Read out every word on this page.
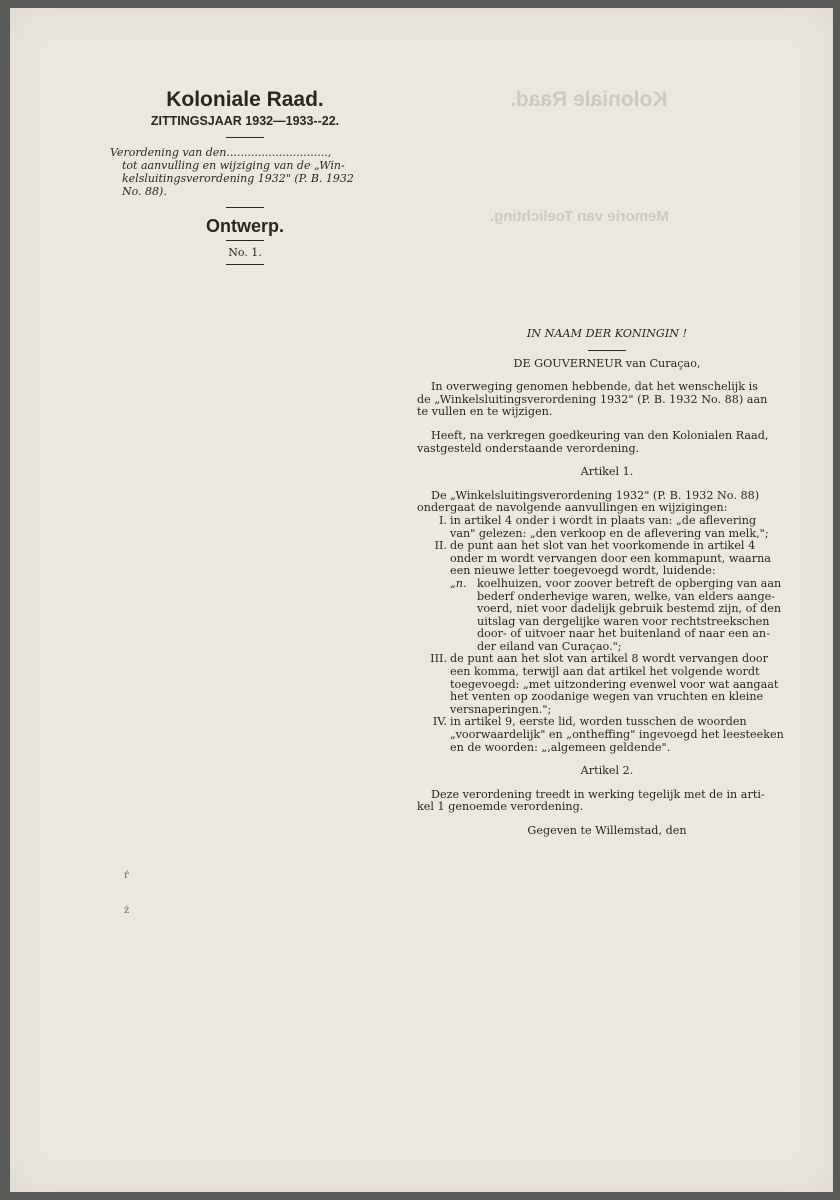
Koloniale Raad.
Memorie van Toelichting.
Koloniale Raad.
ZITTINGSJAAR 1932—1933--22.
Verordening van den.............................,
tot aanvulling en wijziging van de „Win-
kelsluitingsverordening 1932" (P. B. 1932
No. 88).
Ontwerp.
No. 1.

IN NAAM DER KONINGIN !

DE GOUVERNEUR van Curaçao,

In overweging genomen hebbende, dat het wenschelijk is
de „Winkelsluitingsverordening 1932" (P. B. 1932 No. 88) aan
te vullen en te wijzigen.

Heeft, na verkregen goedkeuring van den Kolonialen Raad,
vastgesteld onderstaande verordening.

Artikel 1.

De „Winkelsluitingsverordening 1932" (P. B. 1932 No. 88)
ondergaat de navolgende aanvullingen en wijzigingen:

I. in artikel 4 onder i wordt in plaats van: „de aflevering
van" gelezen: „den verkoop en de aflevering van melk,";
II. de punt aan het slot van het voorkomende in artikel 4
onder m wordt vervangen door een kommapunt, waarna
een nieuwe letter toegevoegd wordt, luidende:
„n. koelhuizen, voor zoover betreft de opberging van aan
bederf onderhevige waren, welke, van elders aange-
voerd, niet voor dadelijk gebruik bestemd zijn, of den
uitslag van dergelijke waren voor rechtstreekschen
door- of uitvoer naar het buitenland of naar een an-
der eiland van Curaçao.";
III. de punt aan het slot van artikel 8 wordt vervangen door
een komma, terwijl aan dat artikel het volgende wordt
toegevoegd: „met uitzondering evenwel voor wat aangaat
het venten op zoodanige wegen van vruchten en kleine
versnaperingen.";
IV. in artikel 9, eerste lid, worden tusschen de woorden
„voorwaardelijk" en „ontheffing" ingevoegd het leesteeken
en de woorden: „,algemeen geldende".

Artikel 2.

Deze verordening treedt in werking tegelijk met de in arti-
kel 1 genoemde verordening.

Gegeven te Willemstad, den

ŕ
ż
